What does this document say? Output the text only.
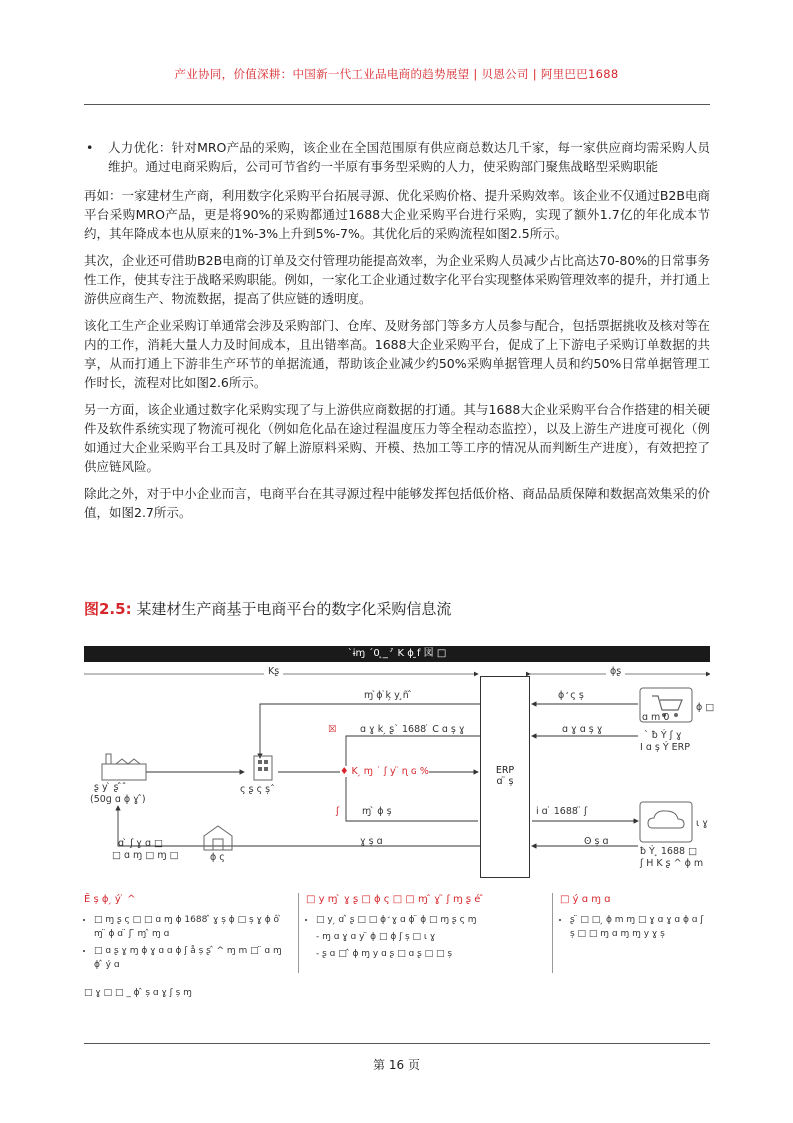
产业协同，价值深耕：中国新一代工业品电商的趋势展望 | 贝恩公司 | 阿里巴巴1688

• 人力优化：针对MRO产品的采购，该企业在全国范围原有供应商总数达几千家，每一家供应商均需采购人员维护。通过电商采购后，公司可节省约一半原有事务型采购的人力，使采购部门聚焦战略型采购职能

再如：一家建材生产商，利用数字化采购平台拓展寻源、优化采购价格、提升采购效率。该企业不仅通过B2B电商平台采购MRO产品，更是将90%的采购都通过1688大企业采购平台进行采购，实现了额外1.7亿的年化成本节约，其年降成本也从原来的1%-3%上升到5%-7%。其优化后的采购流程如图2.5所示。

其次，企业还可借助B2B电商的订单及交付管理功能提高效率，为企业采购人员减少占比高达70-80%的日常事务性工作，使其专注于战略采购职能。例如，一家化工企业通过数字化平台实现整体采购管理效率的提升，并打通上游供应商生产、物流数据，提高了供应链的透明度。

该化工生产企业采购订单通常会涉及采购部门、仓库、及财务部门等多方人员参与配合，包括票据挑收及核对等在内的工作，消耗大量人力及时间成本，且出错率高。1688大企业采购平台，促成了上下游电子采购订单数据的共享，从而打通上下游非生产环节的单据流通，帮助该企业减少约50%采购单据管理人员和约50%日常单据管理工作时长，流程对比如图2.6所示。

另一方面，该企业通过数字化采购实现了与上游供应商数据的打通。其与1688大企业采购平台合作搭建的相关硬件及软件系统实现了物流可视化（例如危化品在途过程温度压力等全程动态监控），以及上游生产进度可视化（例如通过大企业采购平台工具及时了解上游原料采购、开模、热加工等工序的情况从而判断生产进度），有效把控了供应链风险。

除此之外，对于中小企业而言，电商平台在其寻源过程中能够发挥包括低价格、商品品质保障和数据高效集采的价值，如图2.7所示。

图2.5: 某建材生产商基于电商平台的数字化采购信息流
ˋɨɱ ˊ0 ̨_ ̛ ̉ K ɸ ̱f 図 □
Kʂ	ɸʂ
ɱ ̀ɸ ̇k̗ y ̧ñ ̂	ɸ ̛ ς ș
☒ ɑ ɣ k ̗ ʂˋ 1688 ̇ C ɑ ș ɣ	ɑ ɣ ɑ ș ɣ
♦ K ̗ ɱ ˙ ʃ y ̈ ɳ ɢ %
ʃ ɱ ̀ ɸ ș	i ɑ ̇ 1688 ̈ ʃ
ɣ ș ɑ	ʘ ș ɑ
ʂ y ̀ ʂ ̂ˆ
(50ɡ ɑ ɸ ɣ ̂)
ς ʂ ς șˆ
ɑ m 0
ˋ ƀ Ý ʃ ɣ
I ɑ ș Ý ERP
ɸ □
ɩ ɣ
ƀ Ý ̧ 1688 □
ʃ H K ʂ ^ ɸ m
ɸ ς
ɑ ̀ ʃ ɣ ɑ □
□ ɑ ɱ □ ɱ □
ERP
ɑ ̈ ș
Ē ș ɸ ̗ ý ̇ ^
• □ ɱ ʂ ς □ □ ɑ ɱ ɸ 1688 ̂ ɣ ș ɸ □ ș ɣ ɸ ô ̀ ɱ ̈ ɸ ɑ ̈ ʃ ̃ ɱ ̂ ɱ ɑ
• □ ɑ ʂ ɣ ɱ ɸ ɣ ɑ ɑ ɸ ʃ å ș ʂ ̂ ^ ɱ m □ ̈ ɑ ɱ ɸ ̂ ý ɑ
□ y ɱ ̀ ɣ ʂ □ ɸ ς □ □ ɱ ̂ ɣ ̃ ʃ ɱ ʂ é ̂
• □ y ̗ ɑ ̂ ʂ □ □ ɸ ̛ ɣ ɑ ɸ ̈ ɸ □ ɱ ʂ ς ɱ
- ɱ ɑ ɣ ɑ y ̈ ɸ □ ɸ ʃ ș □ ɩ ɣ
- ʂ ɑ □ ̂ ɸ ɱ y ɑ ʂ □ ɑ ʂ □ □ ș
□ ý ɑ ɱ ɑ
• ʂ ̈ □ □ ̗ ɸ m ɱ □ ɣ ɑ ɣ ɑ ɸ ɑ ʃ ș □ □ ɱ ɑ ɱ ɱ y ɣ ș
□ ɣ □ □ _ ɸ ̂ ș ɑ ɣ ʃ ș ɱ
第 16 页
